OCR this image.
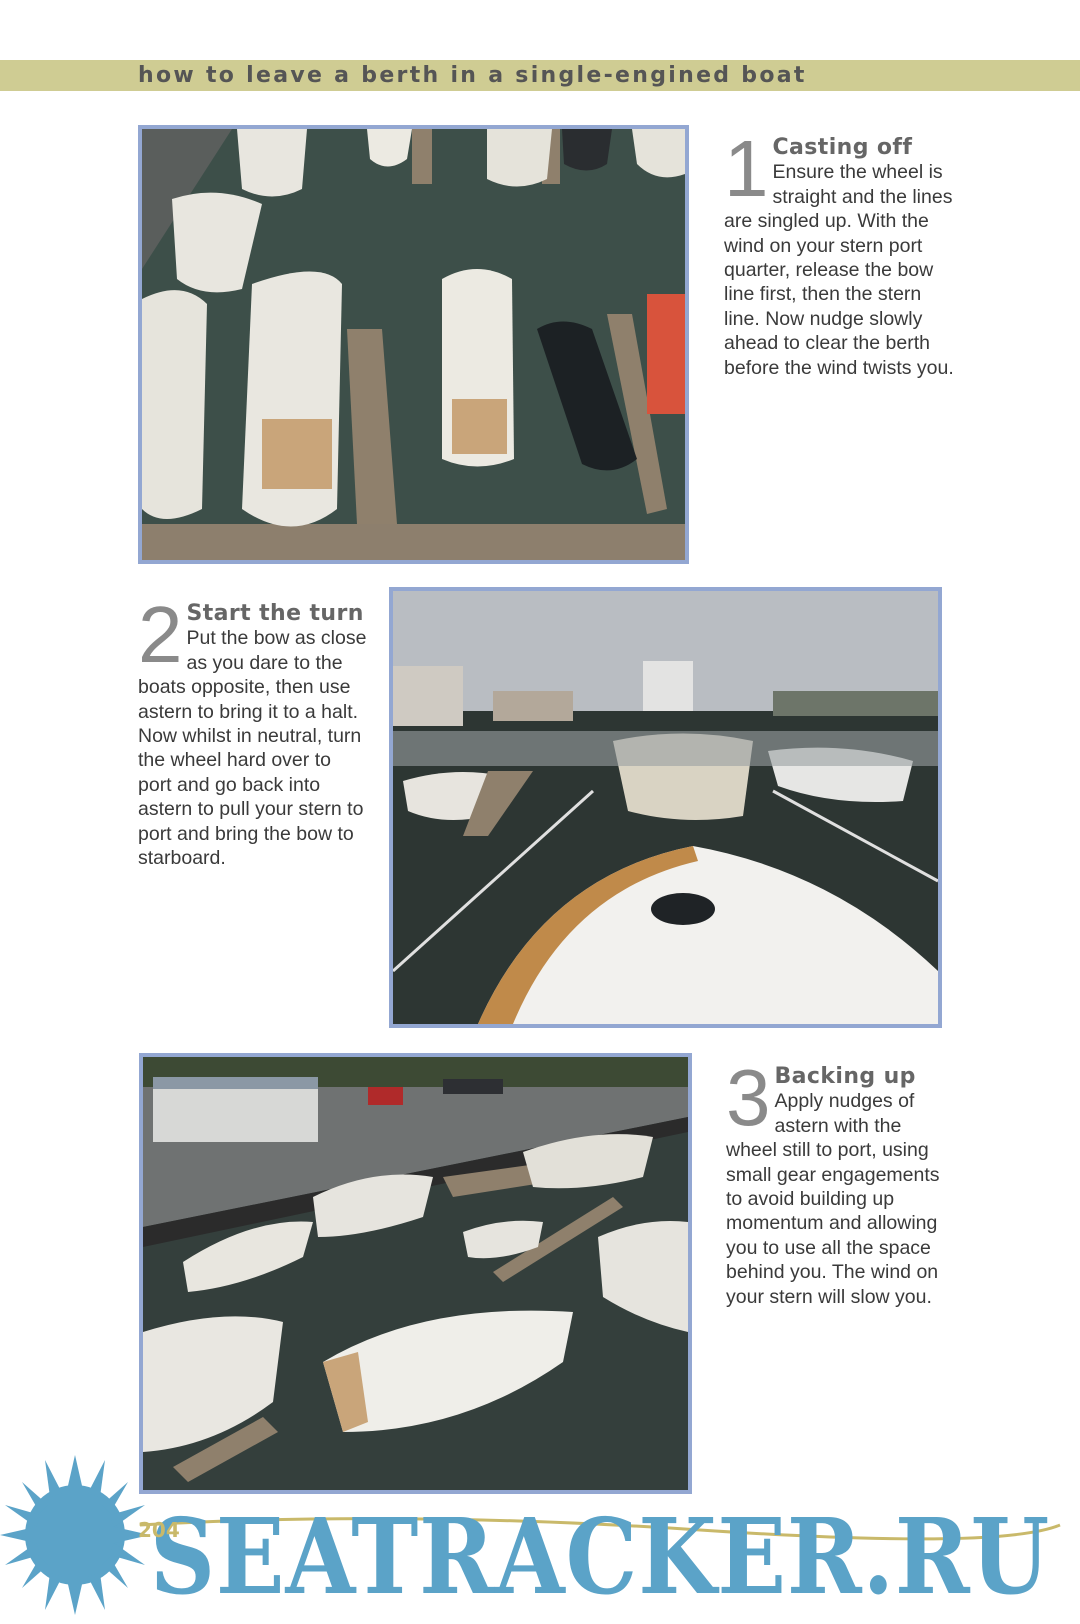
how to leave a berth in a single-engined boat
1 Casting off
Ensure the wheel is straight and the lines are singled up. With the wind on your stern port quarter, release the bow line first, then the stern line. Now nudge slowly ahead to clear the berth before the wind twists you.
2 Start the turn Put the bow as close as you dare to the boats opposite, then use astern to bring it to a halt. Now whilst in neutral, turn the wheel hard over to port and go back into astern to pull your stern to port and bring the bow to starboard.
3 Backing up
Apply nudges of astern with the wheel still to port, using small gear engagements to avoid building up momentum and allowing you to use all the space behind you. The wind on your stern will slow you.
SEATRACKER.RU
204
